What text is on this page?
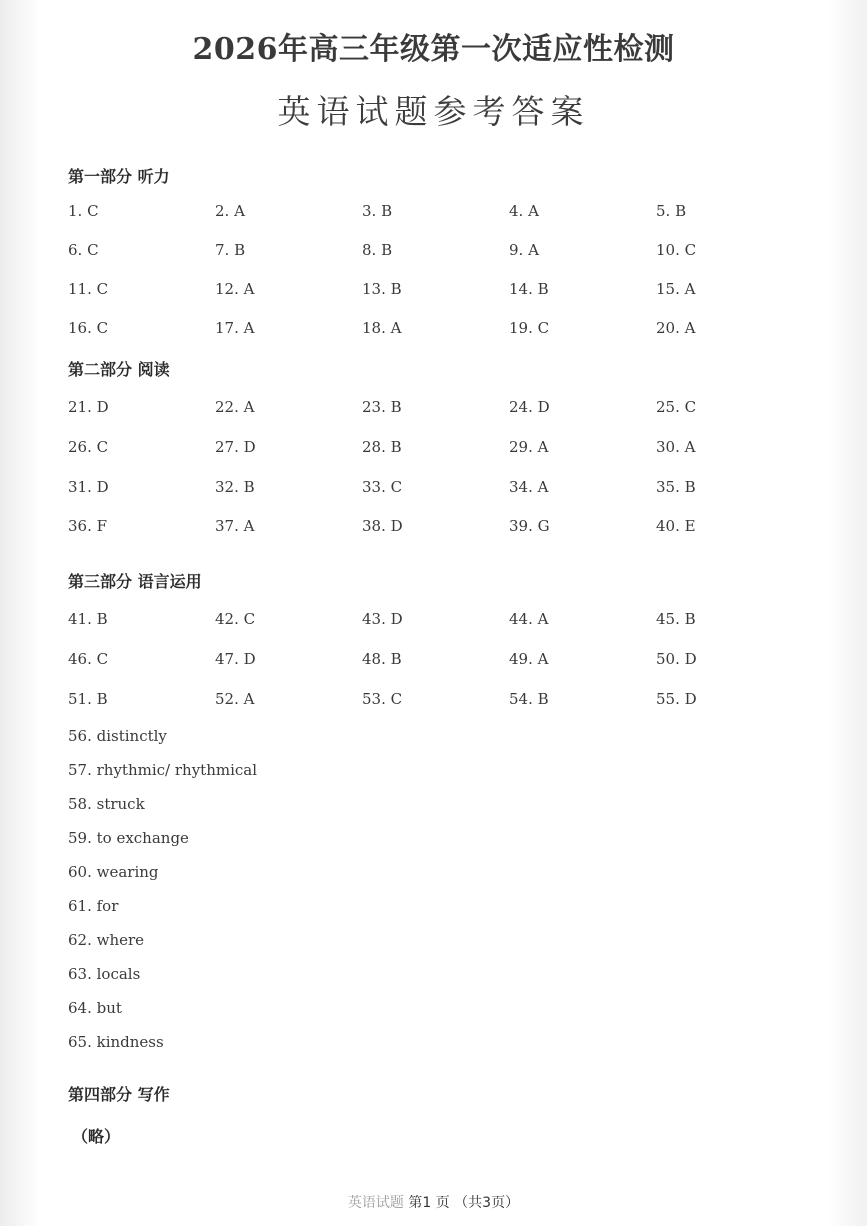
2026年高三年级第一次适应性检测
英语试题参考答案
第一部分 听力
1. C	2. A	3. B	4. A	5. B
6. C	7. B	8. B	9. A	10. C
11. C	12. A	13. B	14. B	15. A
16. C	17. A	18. A	19. C	20. A
第二部分 阅读
21. D	22. A	23. B	24. D	25. C
26. C	27. D	28. B	29. A	30. A
31. D	32. B	33. C	34. A	35. B
36. F	37. A	38. D	39. G	40. E
第三部分 语言运用
41. B	42. C	43. D	44. A	45. B
46. C	47. D	48. B	49. A	50. D
51. B	52. A	53. C	54. B	55. D
56. distinctly
57. rhythmic/ rhythmical
58. struck
59. to exchange
60. wearing
61. for
62. where
63. locals
64. but
65. kindness
第四部分 写作
（略）
英语试题 第1 页 （共3页）
